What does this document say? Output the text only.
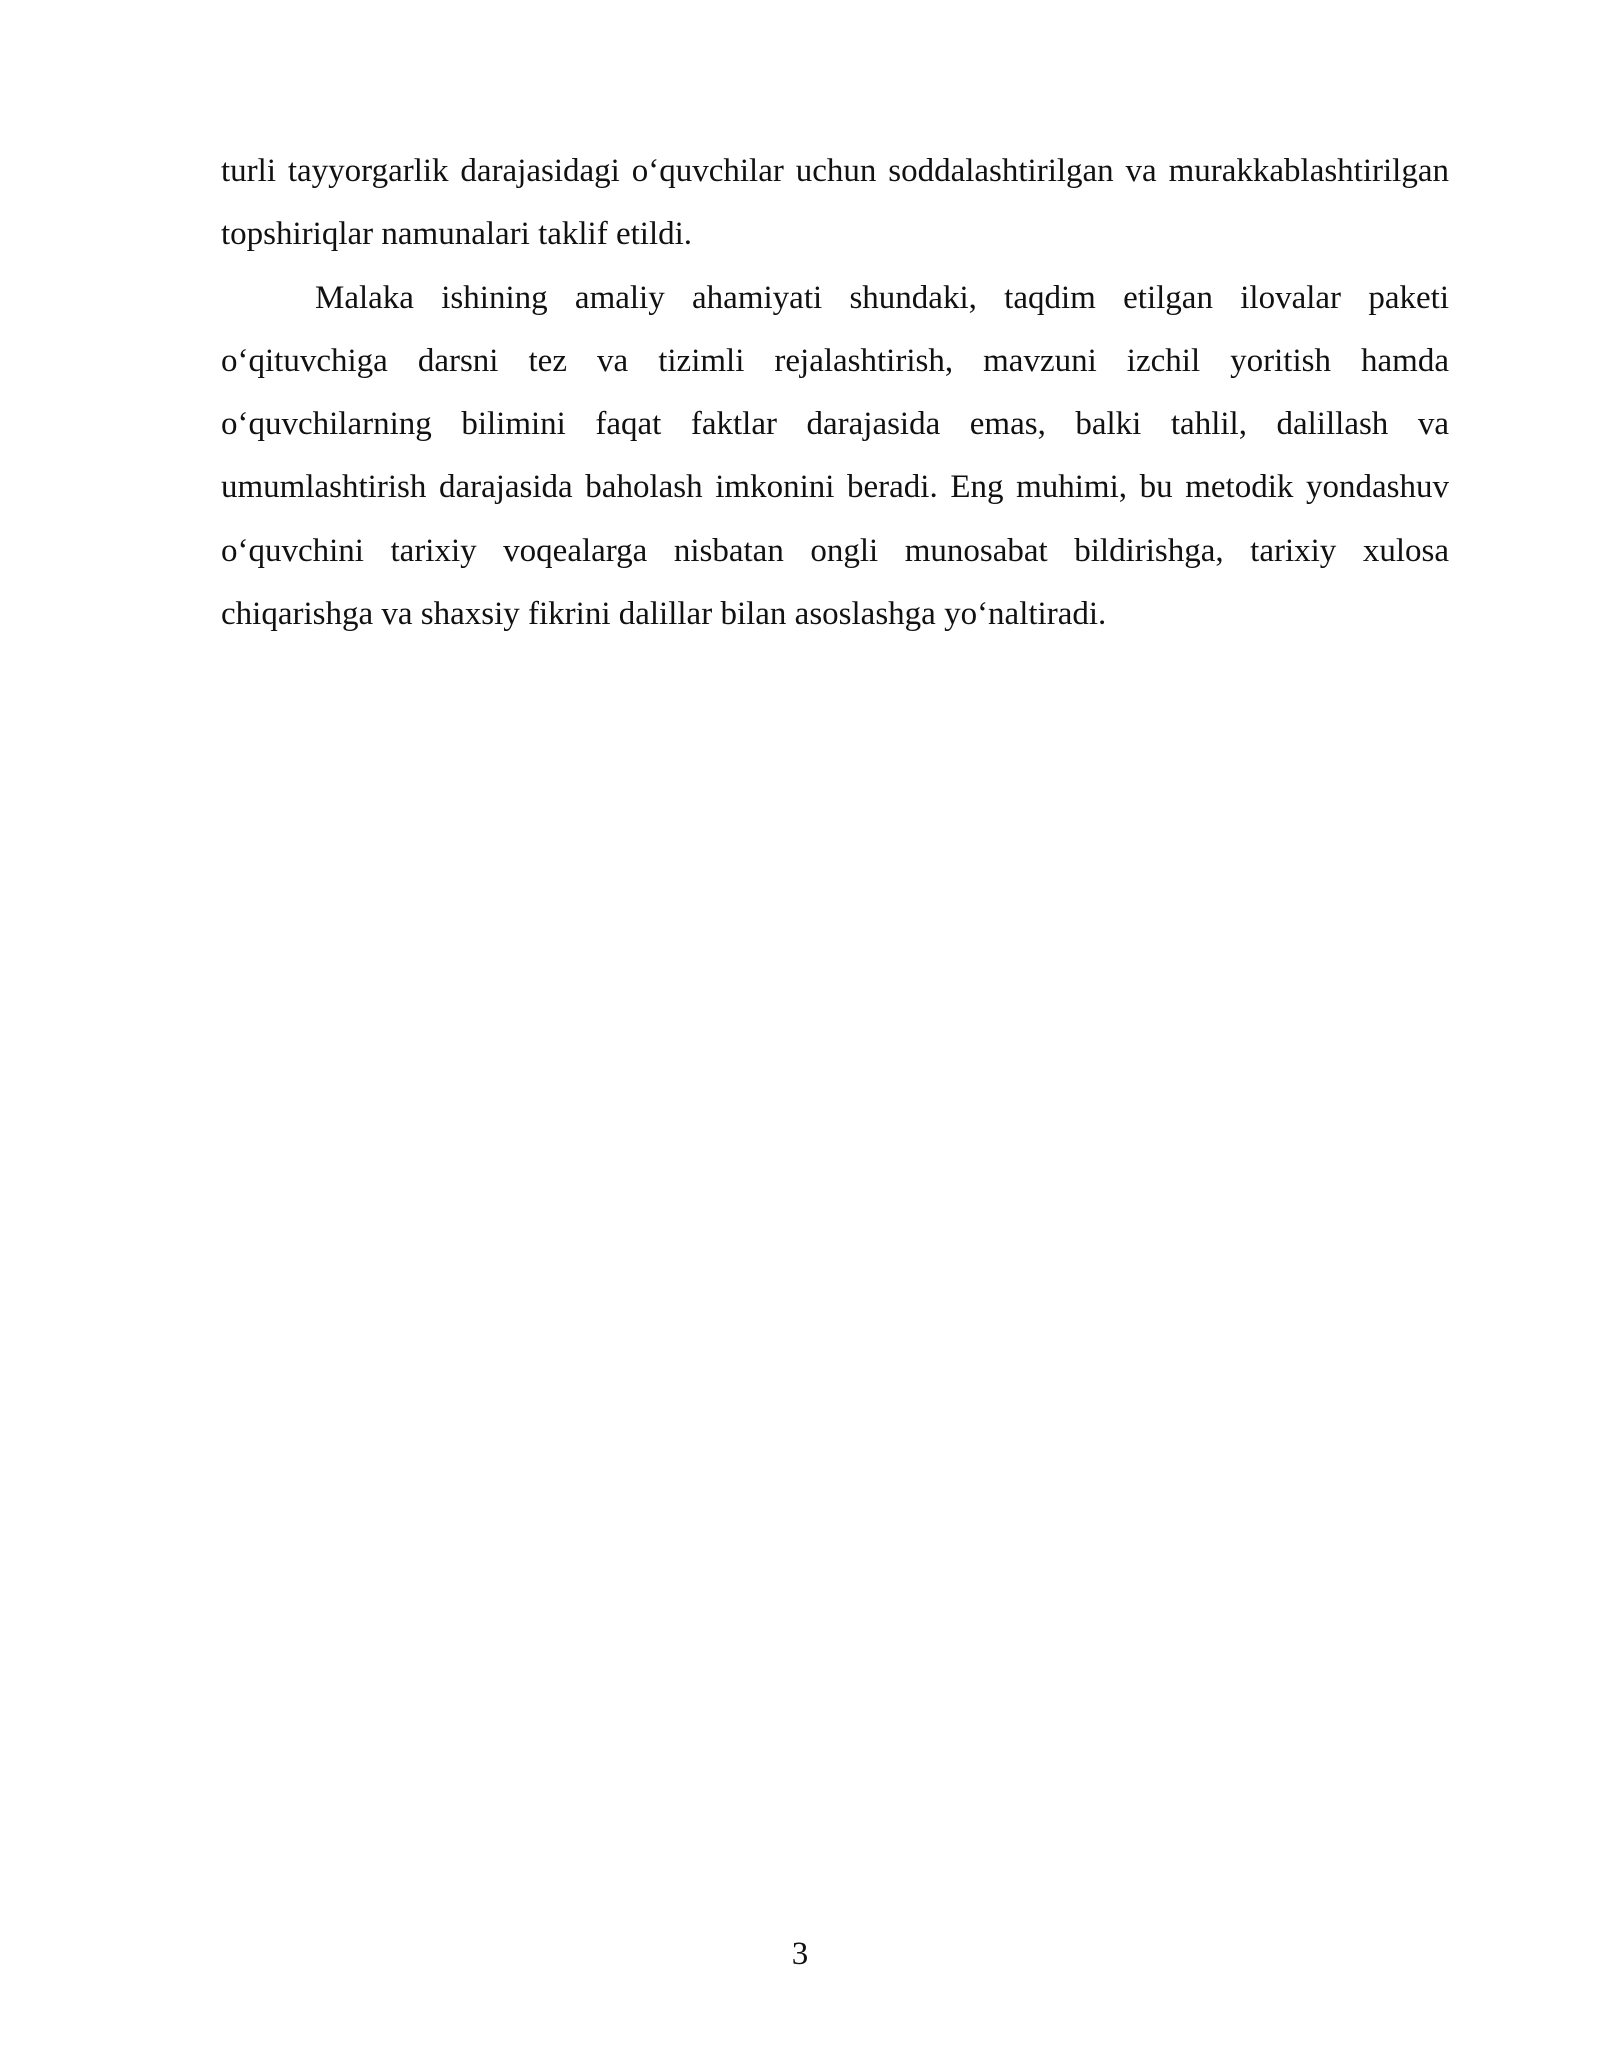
turli tayyorgarlik darajasidagi o‘quvchilar uchun soddalashtirilgan va murakkablashtirilgan topshiriqlar namunalari taklif etildi.

Malaka ishining amaliy ahamiyati shundaki, taqdim etilgan ilovalar paketi o‘qituvchiga darsni tez va tizimli rejalashtirish, mavzuni izchil yoritish hamda o‘quvchilarning bilimini faqat faktlar darajasida emas, balki tahlil, dalillash va umumlashtirish darajasida baholash imkonini beradi. Eng muhimi, bu metodik yondashuv o‘quvchini tarixiy voqealarga nisbatan ongli munosabat bildirishga, tarixiy xulosa chiqarishga va shaxsiy fikrini dalillar bilan asoslashga yo‘naltiradi.

3
